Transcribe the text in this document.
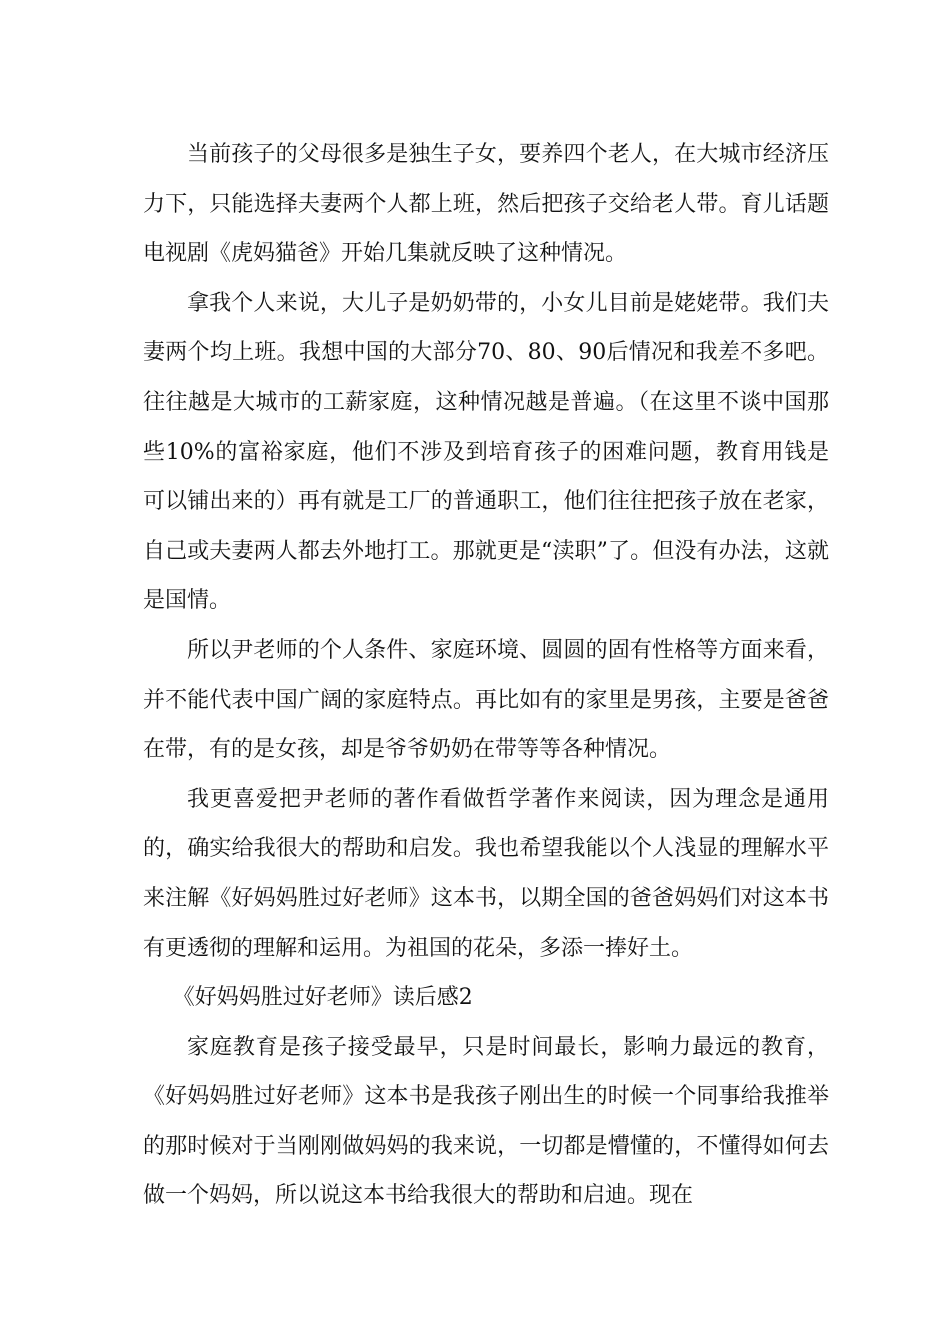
当前孩子的父母很多是独生子女，要养四个老人，在大城市经济压力下，只能选择夫妻两个人都上班，然后把孩子交给老人带。育儿话题电视剧《虎妈猫爸》开始几集就反映了这种情况。

拿我个人来说，大儿子是奶奶带的，小女儿目前是姥姥带。我们夫妻两个均上班。我想中国的大部分70、80、90后情况和我差不多吧。往往越是大城市的工薪家庭，这种情况越是普遍。（在这里不谈中国那些10%的富裕家庭，他们不涉及到培育孩子的困难问题，教育用钱是可以铺出来的）再有就是工厂的普通职工，他们往往把孩子放在老家，自己或夫妻两人都去外地打工。那就更是“渎职”了。但没有办法，这就是国情。

所以尹老师的个人条件、家庭环境、圆圆的固有性格等方面来看，并不能代表中国广阔的家庭特点。再比如有的家里是男孩，主要是爸爸在带，有的是女孩，却是爷爷奶奶在带等等各种情况。

我更喜爱把尹老师的著作看做哲学著作来阅读，因为理念是通用的，确实给我很大的帮助和启发。我也希望我能以个人浅显的理解水平来注解《好妈妈胜过好老师》这本书，以期全国的爸爸妈妈们对这本书有更透彻的理解和运用。为祖国的花朵，多添一捧好土。

《好妈妈胜过好老师》读后感2

家庭教育是孩子接受最早，只是时间最长，影响力最远的教育，《好妈妈胜过好老师》这本书是我孩子刚出生的时候一个同事给我推举的那时候对于当刚刚做妈妈的我来说，一切都是懵懂的，不懂得如何去做一个妈妈，所以说这本书给我很大的帮助和启迪。现在
